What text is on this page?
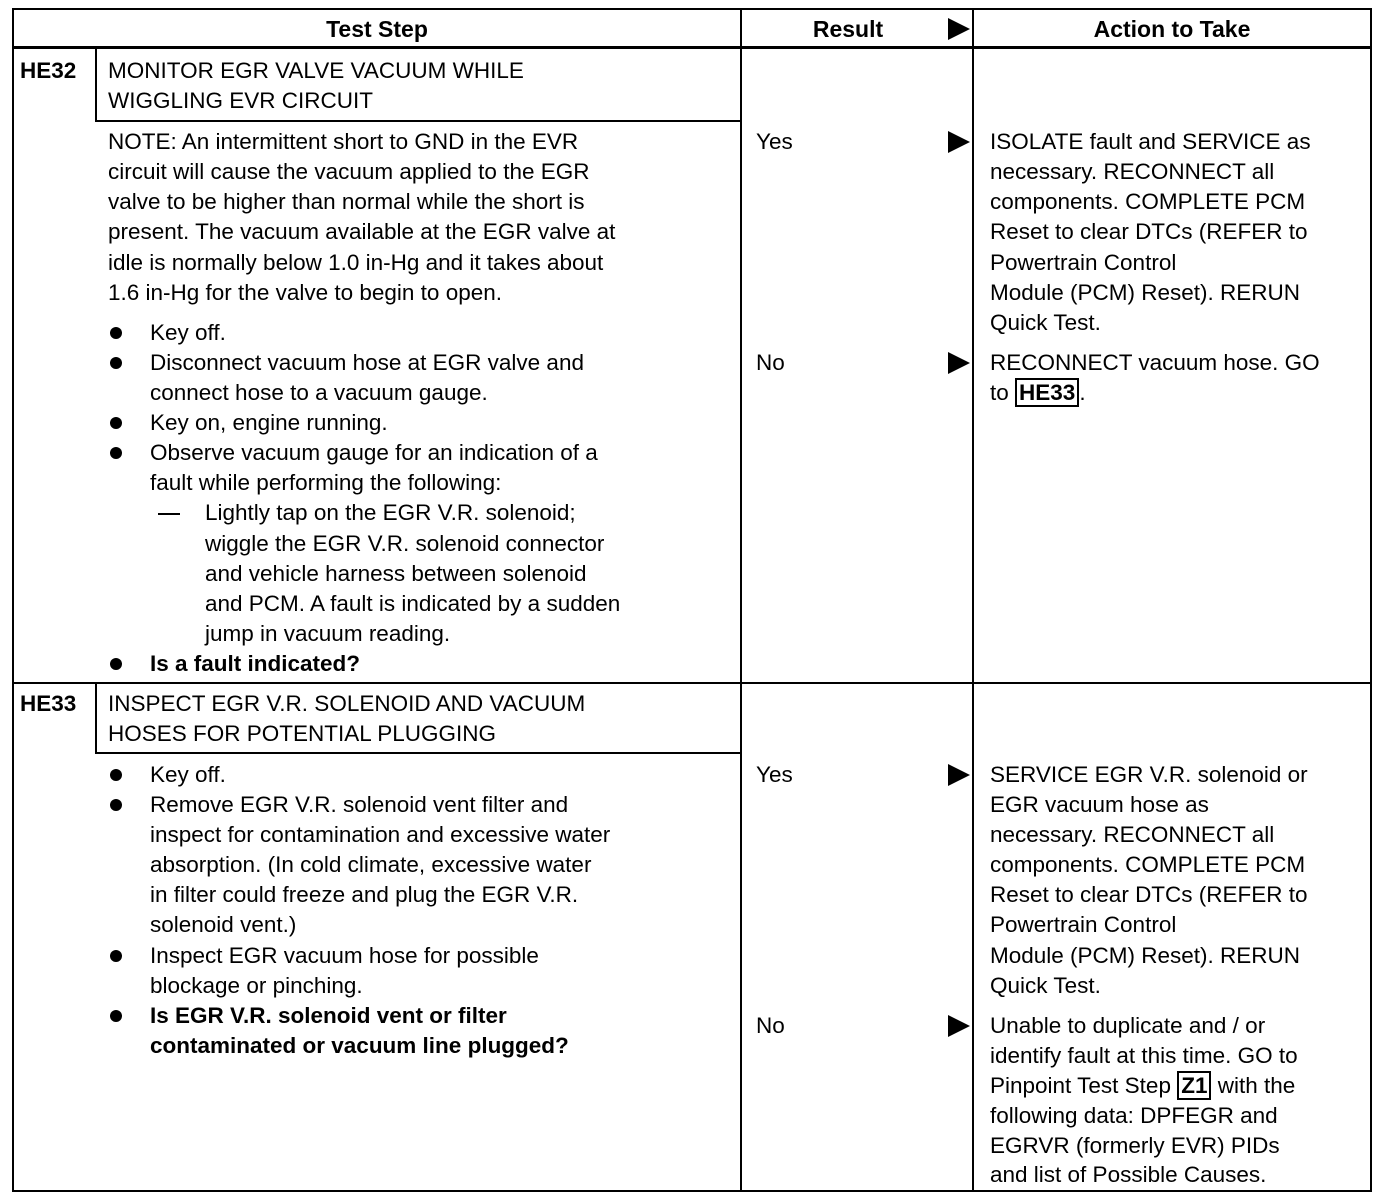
Test Step	Result	Action to Take
HE32 MONITOR EGR VALVE VACUUM WHILE
WIGGLING EVR CIRCUIT
NOTE: An intermittent short to GND in the EVR
circuit will cause the vacuum applied to the EGR
valve to be higher than normal while the short is
present. The vacuum available at the EGR valve at
idle is normally below 1.0 in-Hg and it takes about
1.6 in-Hg for the valve to begin to open.
Key off.
Disconnect vacuum hose at EGR valve and
connect hose to a vacuum gauge.
Key on, engine running.
Observe vacuum gauge for an indication of a
fault while performing the following:
Lightly tap on the EGR V.R. solenoid;
wiggle the EGR V.R. solenoid connector
and vehicle harness between solenoid
and PCM. A fault is indicated by a sudden
jump in vacuum reading.
Is a fault indicated?
Yes
No
ISOLATE fault and SERVICE as
necessary. RECONNECT all
components. COMPLETE PCM
Reset to clear DTCs (REFER to
Powertrain Control
Module (PCM) Reset). RERUN
Quick Test.
RECONNECT vacuum hose. GO
to HE33 .
HE33 INSPECT EGR V.R. SOLENOID AND VACUUM
HOSES FOR POTENTIAL PLUGGING
Key off.
Remove EGR V.R. solenoid vent filter and
inspect for contamination and excessive water
absorption. (In cold climate, excessive water
in filter could freeze and plug the EGR V.R.
solenoid vent.)
Inspect EGR vacuum hose for possible
blockage or pinching.
Is EGR V.R. solenoid vent or filter
contaminated or vacuum line plugged?
Yes
No
SERVICE EGR V.R. solenoid or
EGR vacuum hose as
necessary. RECONNECT all
components. COMPLETE PCM
Reset to clear DTCs (REFER to
Powertrain Control
Module (PCM) Reset). RERUN
Quick Test.
Unable to duplicate and / or
identify fault at this time. GO to
Pinpoint Test Step Z1 with the
following data: DPFEGR and
EGRVR (formerly EVR) PIDs
and list of Possible Causes.
